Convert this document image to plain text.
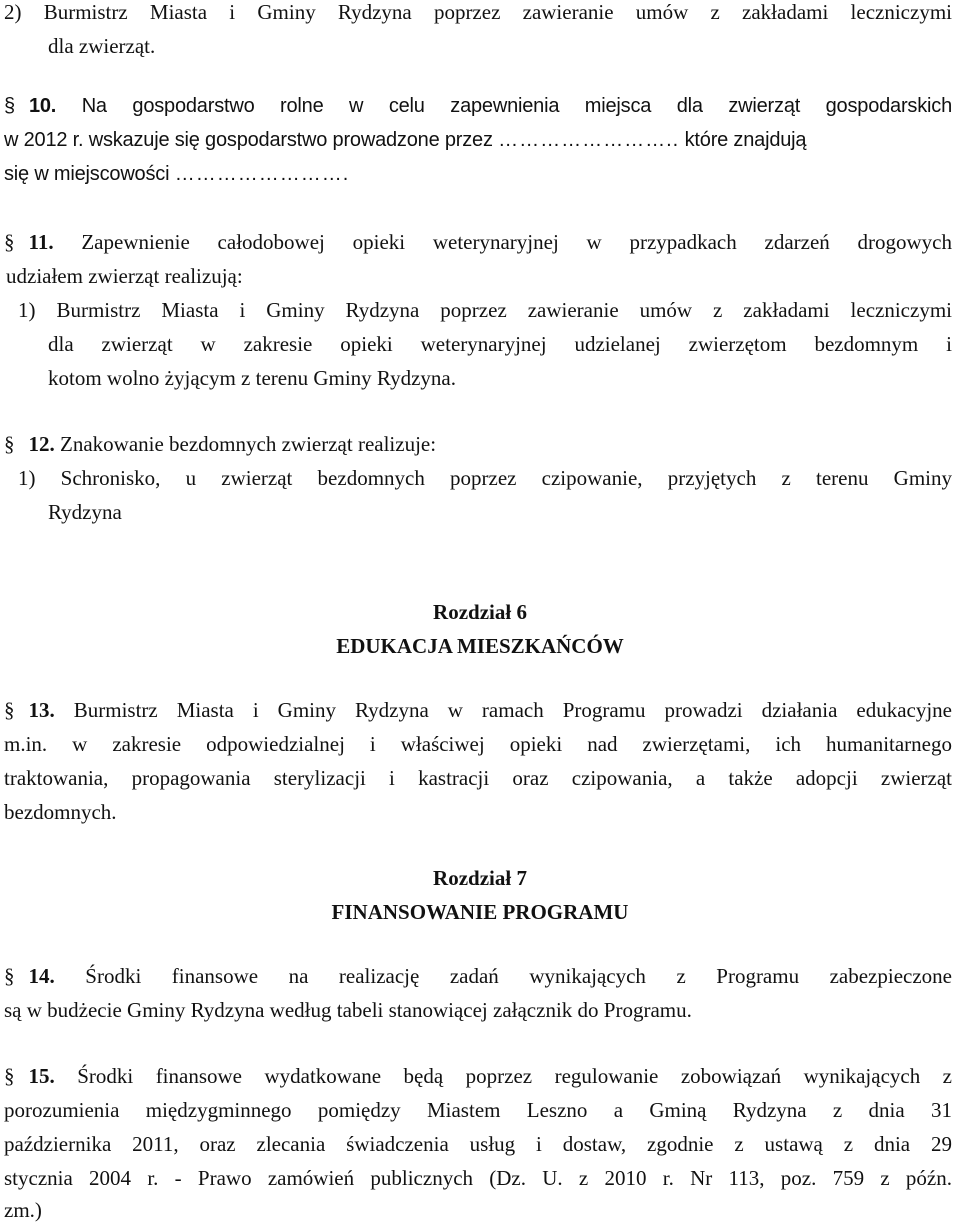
2) Burmistrz Miasta i Gminy Rydzyna poprzez zawieranie umów z zakładami leczniczymi
dla zwierząt.
§ 10. Na gospodarstwo rolne w celu zapewnienia miejsca dla zwierząt gospodarskich
w 2012 r. wskazuje się gospodarstwo prowadzone przez …………………….. które znajdują
się w miejscowości …………………….
§ 11. Zapewnienie całodobowej opieki weterynaryjnej w przypadkach zdarzeń drogowych
udziałem zwierząt realizują:
1) Burmistrz Miasta i Gminy Rydzyna poprzez zawieranie umów z zakładami leczniczymi
dla zwierząt w zakresie opieki weterynaryjnej udzielanej zwierzętom bezdomnym i
kotom wolno żyjącym z terenu Gminy Rydzyna.
§ 12. Znakowanie bezdomnych zwierząt realizuje:
1) Schronisko, u zwierząt bezdomnych poprzez czipowanie, przyjętych z terenu Gminy
Rydzyna
Rozdział 6
EDUKACJA MIESZKAŃCÓW
§ 13. Burmistrz Miasta i Gminy Rydzyna w ramach Programu prowadzi działania edukacyjne
m.in. w zakresie odpowiedzialnej i właściwej opieki nad zwierzętami, ich humanitarnego
traktowania, propagowania sterylizacji i kastracji oraz czipowania, a także adopcji zwierząt
bezdomnych.
Rozdział 7
FINANSOWANIE PROGRAMU
§ 14. Środki finansowe na realizację zadań wynikających z Programu zabezpieczone
są w budżecie Gminy Rydzyna według tabeli stanowiącej załącznik do Programu.
§ 15. Środki finansowe wydatkowane będą poprzez regulowanie zobowiązań wynikających z
porozumienia międzygminnego pomiędzy Miastem Leszno a Gminą Rydzyna z dnia 31
października 2011, oraz zlecania świadczenia usług i dostaw, zgodnie z ustawą z dnia 29
stycznia 2004 r. - Prawo zamówień publicznych (Dz. U. z 2010 r. Nr 113, poz. 759 z późn.
zm.)
